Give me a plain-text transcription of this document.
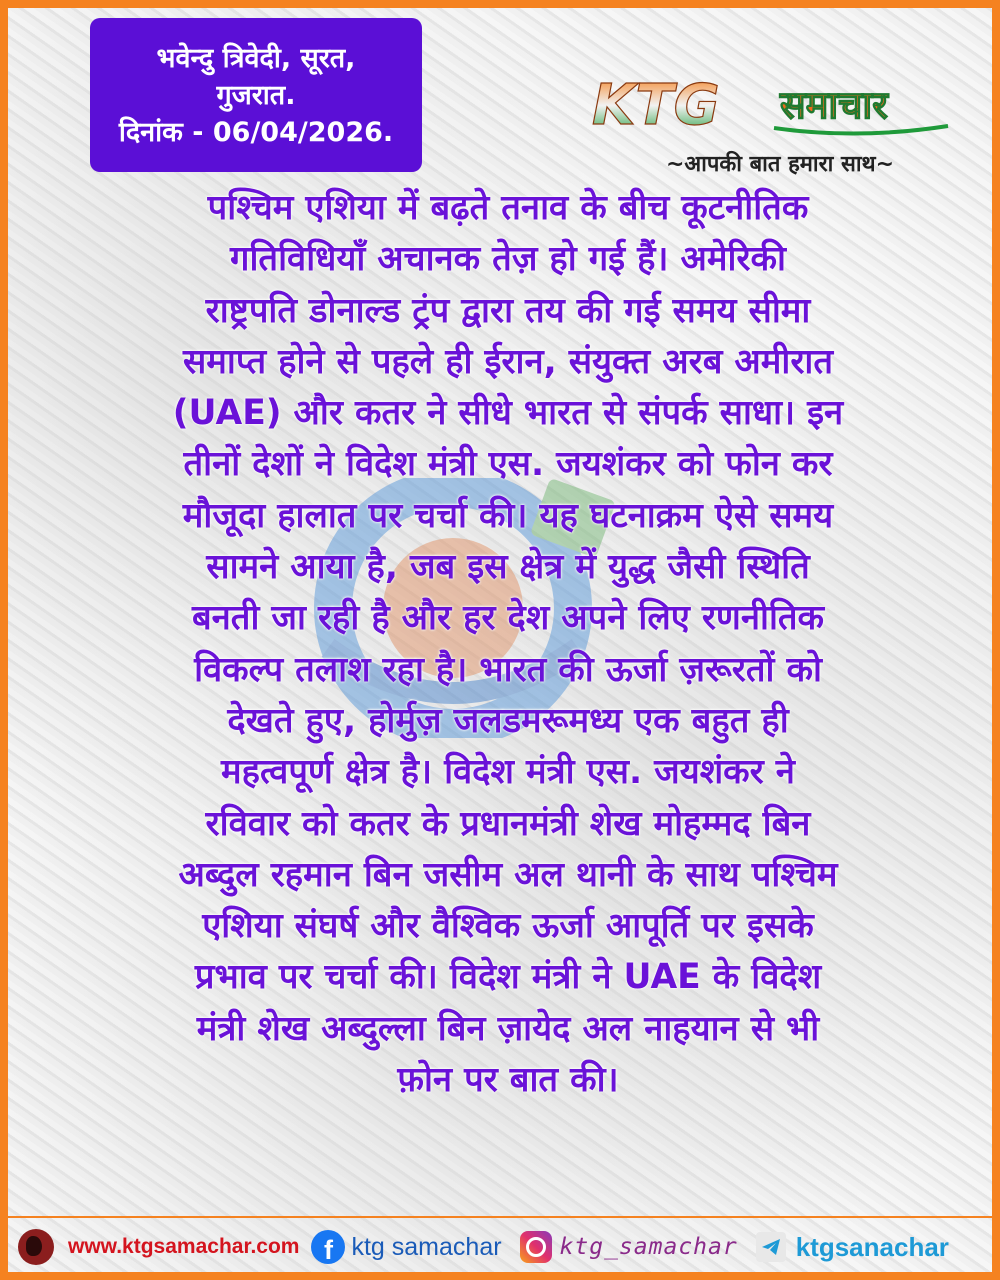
भवेन्दु त्रिवेदी, सूरत,
गुजरात.
दिनांक - 06/04/2026.	KTG समाचार
~आपकी बात हमारा साथ~
पश्चिम एशिया में बढ़ते तनाव के बीच कूटनीतिक
गतिविधियाँ अचानक तेज़ हो गई हैं। अमेरिकी
राष्ट्रपति डोनाल्ड ट्रंप द्वारा तय की गई समय सीमा
समाप्त होने से पहले ही ईरान, संयुक्त अरब अमीरात
(UAE) और कतर ने सीधे भारत से संपर्क साधा। इन
तीनों देशों ने विदेश मंत्री एस. जयशंकर को फोन कर
मौजूदा हालात पर चर्चा की। यह घटनाक्रम ऐसे समय
सामने आया है, जब इस क्षेत्र में युद्ध जैसी स्थिति
बनती जा रही है और हर देश अपने लिए रणनीतिक
विकल्प तलाश रहा है। भारत की ऊर्जा ज़रूरतों को
देखते हुए, होर्मुज़ जलडमरूमध्य एक बहुत ही
महत्वपूर्ण क्षेत्र है। विदेश मंत्री एस. जयशंकर ने
रविवार को कतर के प्रधानमंत्री शेख मोहम्मद बिन
अब्दुल रहमान बिन जसीम अल थानी के साथ पश्चिम
एशिया संघर्ष और वैश्विक ऊर्जा आपूर्ति पर इसके
प्रभाव पर चर्चा की। विदेश मंत्री ने UAE के विदेश
मंत्री शेख अब्दुल्ला बिन ज़ायेद अल नाहयान से भी
फ़ोन पर बात की।
www.ktgsamachar.com f ktg samachar	ktg_samachar ktgsanachar
